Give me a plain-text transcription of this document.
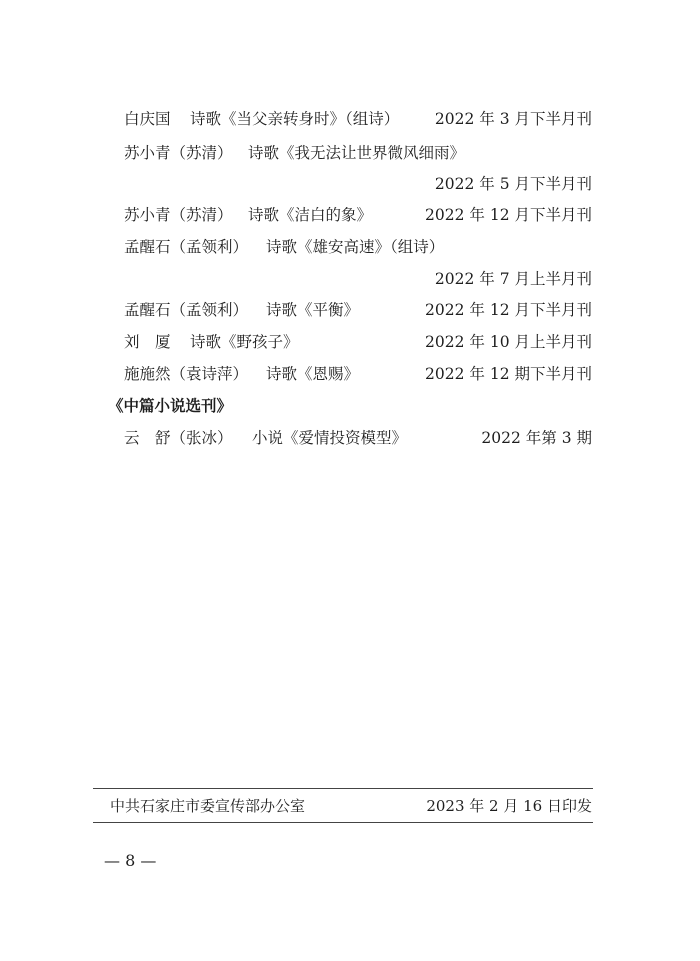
白庆国 诗歌《当父亲转身时》（组诗） 2022 年 3 月下半月刊
苏小青（苏清） 诗歌《我无法让世界微风细雨》
2022 年 5 月下半月刊
苏小青（苏清） 诗歌《洁白的象》	2022 年 12 月下半月刊
孟醒石（孟领利） 诗歌《雄安高速》（组诗）
2022 年 7 月上半月刊
孟醒石（孟领利） 诗歌《平衡》	2022 年 12 月下半月刊
刘　厦 诗歌《野孩子》	2022 年 10 月上半月刊
施施然（袁诗萍） 诗歌《恩赐》	2022 年 12 期下半月刊
《中篇小说选刊》
云　舒（张冰） 小说《爱情投资模型》	2022 年第 3 期
中共石家庄市委宣传部办公室	2023 年 2 月 16 日印发
— 8 —
